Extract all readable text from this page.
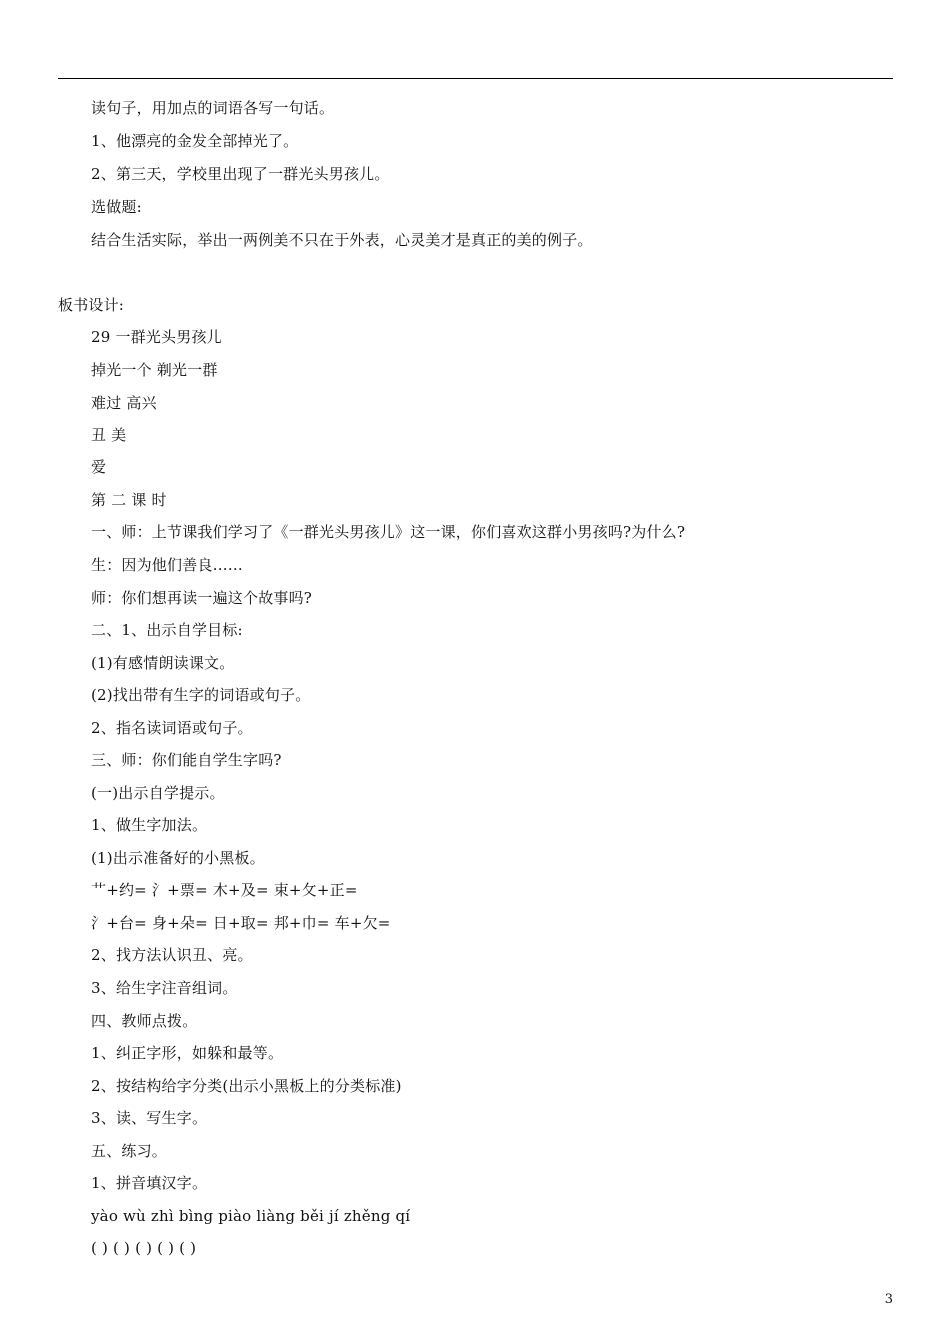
读句子，用加点的词语各写一句话。
1、他漂亮的金发全部掉光了。
2、第三天，学校里出现了一群光头男孩儿。
选做题:
结合生活实际，举出一两例美不只在于外表，心灵美才是真正的美的例子。
板书设计:
29 一群光头男孩儿
掉光一个 剃光一群
难过 高兴
丑 美
爱
第 二 课 时
一、师：上节课我们学习了《一群光头男孩儿》这一课，你们喜欢这群小男孩吗?为什么?
生：因为他们善良……
师：你们想再读一遍这个故事吗?
二、1、出示自学目标:
(1)有感情朗读课文。
(2)找出带有生字的词语或句子。
2、指名读词语或句子。
三、师：你们能自学生字吗?
(一)出示自学提示。
1、做生字加法。
(1)出示准备好的小黑板。
艹+约= 氵+票= 木+及= 束+攵+正=
氵+台= 身+朵= 日+取= 邦+巾= 车+欠=
2、找方法认识丑、亮。
3、给生字注音组词。
四、教师点拨。
1、纠正字形，如躲和最等。
2、按结构给字分类(出示小黑板上的分类标准)
3、读、写生字。
五、练习。
1、拼音填汉字。
yào wù zhì bìng piào liàng běi jí zhěng qí
( ) ( ) ( ) ( ) ( )
3
